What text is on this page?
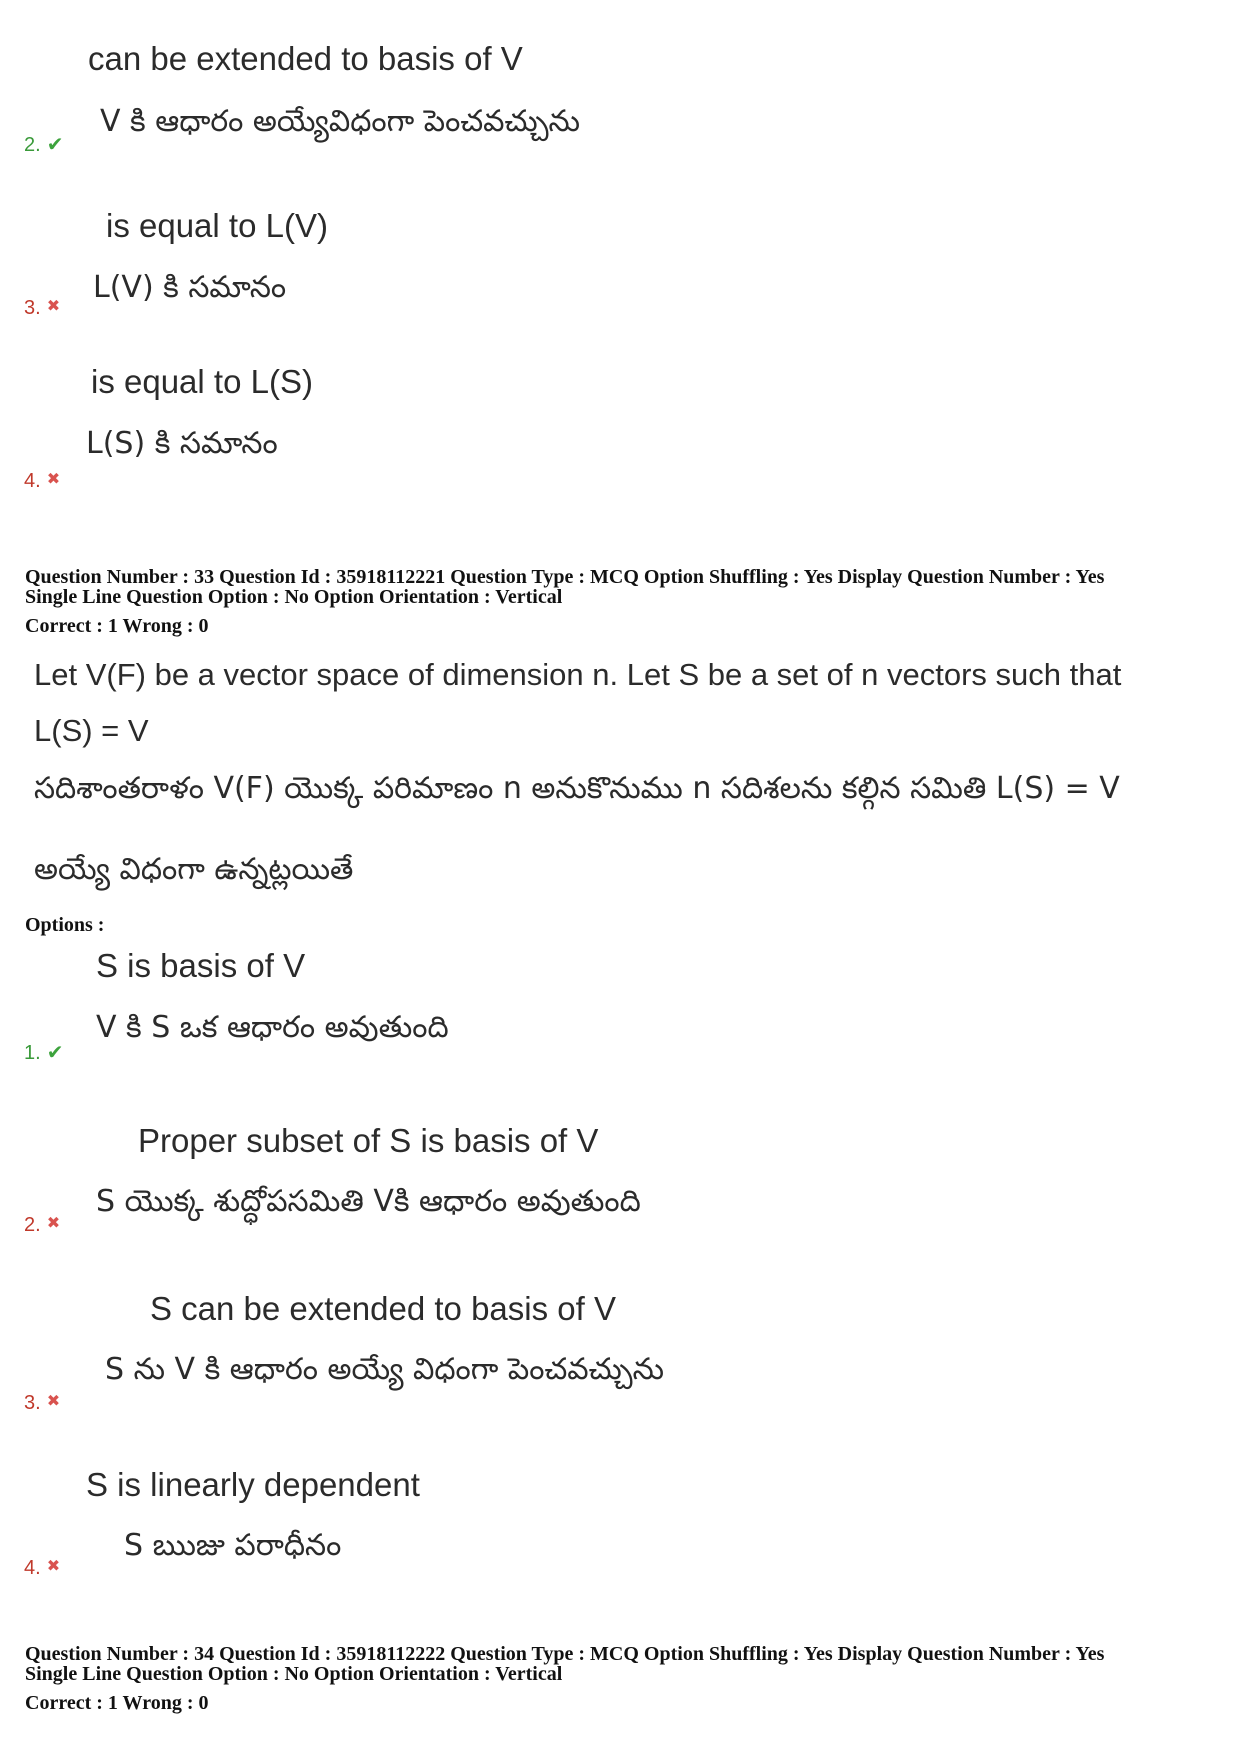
can be extended to basis of V
V కి ఆధారం అయ్యేవిధంగా పెంచవచ్చును
2. ✔
is equal to L(V)
L(V) కి సమానం
3. ✖
is equal to L(S)
L(S) కి సమానం
4. ✖
Question Number : 33 Question Id : 35918112221 Question Type : MCQ Option Shuffling : Yes Display Question Number : Yes
Single Line Question Option : No Option Orientation : Vertical
Correct : 1 Wrong : 0
Let V(F) be a vector space of dimension n. Let S be a set of n vectors such that
L(S) = V
సదిశాంతరాళం V(F) యొక్క పరిమాణం n అనుకొనుము n సదిశలను కల్గిన సమితి L(S) = V
అయ్యే విధంగా ఉన్నట్లయితే
Options :
S is basis of V
V కి S ఒక ఆధారం అవుతుంది
1. ✔
Proper subset of S is basis of V
S యొక్క శుద్ధోపసమితి Vకి ఆధారం అవుతుంది
2. ✖
S can be extended to basis of V
S ను V కి ఆధారం అయ్యే విధంగా పెంచవచ్చును
3. ✖
S is linearly dependent
S ఋజు పరాధీనం
4. ✖
Question Number : 34 Question Id : 35918112222 Question Type : MCQ Option Shuffling : Yes Display Question Number : Yes
Single Line Question Option : No Option Orientation : Vertical
Correct : 1 Wrong : 0
